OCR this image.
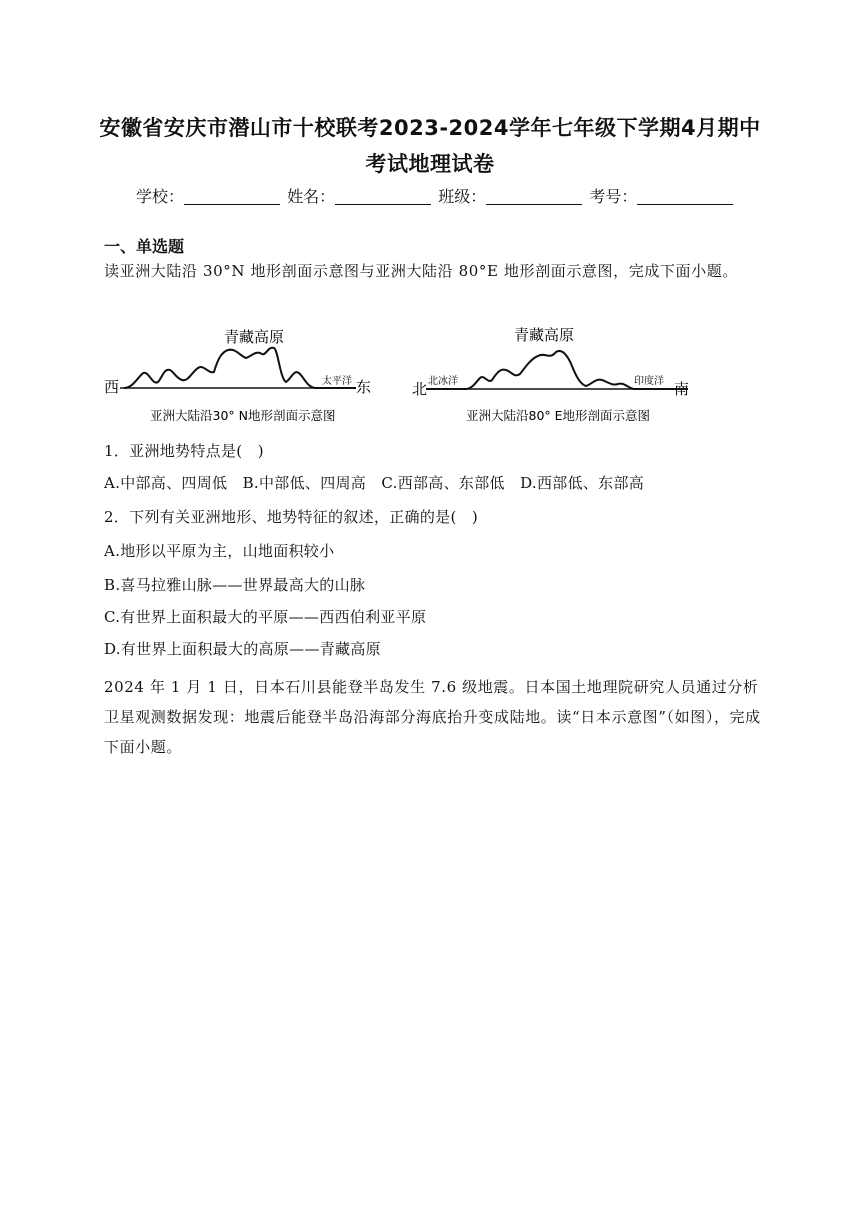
安徽省安庆市潜山市十校联考2023-2024学年七年级下学期4月期中
考试地理试卷
学校：	姓名：	班级：	考号：
一、单选题
读亚洲大陆沿 30°N 地形剖面示意图与亚洲大陆沿 80°E 地形剖面示意图，完成下面小题。
青藏高原
西	东
太平洋
亚洲大陆沿30° N地形剖面示意图
青藏高原
北	南
北冰洋	印度洋
亚洲大陆沿80° E地形剖面示意图
1．亚洲地势特点是(　)
A.中部高、四周低　B.中部低、四周高　C.西部高、东部低　D.西部低、东部高
2．下列有关亚洲地形、地势特征的叙述，正确的是(　)
A.地形以平原为主，山地面积较小
B.喜马拉雅山脉——世界最高大的山脉
C.有世界上面积最大的平原——西西伯利亚平原
D.有世界上面积最大的高原——青藏高原
2024 年 1 月 1 日，日本石川县能登半岛发生 7.6 级地震。日本国土地理院研究人员通过分析卫星观测数据发现：地震后能登半岛沿海部分海底抬升变成陆地。读“日本示意图”（如图），完成下面小题。
